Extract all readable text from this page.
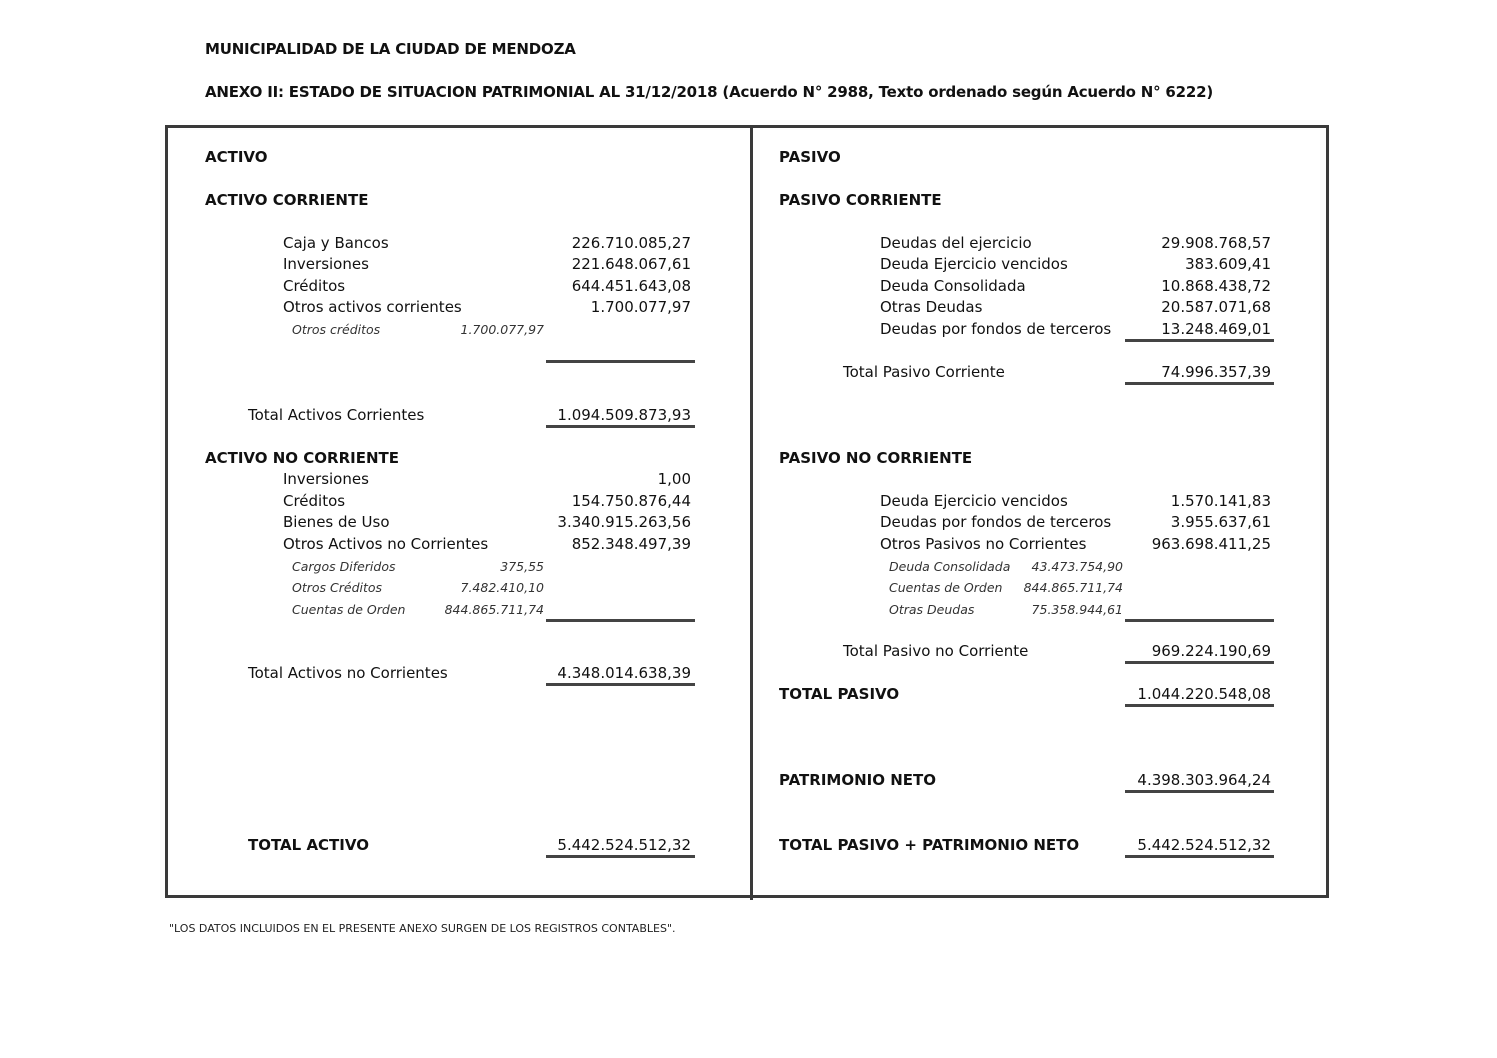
MUNICIPALIDAD DE LA CIUDAD DE MENDOZA
ANEXO II: ESTADO DE SITUACION PATRIMONIAL AL 31/12/2018 (Acuerdo N° 2988, Texto ordenado según Acuerdo N° 6222)
ACTIVO
ACTIVO CORRIENTE
Caja y Bancos	226.710.085,27
Inversiones	221.648.067,61
Créditos	644.451.643,08
Otros activos corrientes	1.700.077,97
Otros créditos	1.700.077,97
Total Activos Corrientes	1.094.509.873,93
ACTIVO NO CORRIENTE
Inversiones	1,00
Créditos	154.750.876,44
Bienes de Uso	3.340.915.263,56
Otros Activos no Corrientes	852.348.497,39
Cargos Diferidos	375,55
Otros Créditos	7.482.410,10
Cuentas de Orden	844.865.711,74
Total Activos no Corrientes	4.348.014.638,39
TOTAL ACTIVO	5.442.524.512,32
PASIVO
PASIVO CORRIENTE
Deudas del ejercicio	29.908.768,57
Deuda Ejercicio vencidos	383.609,41
Deuda Consolidada	10.868.438,72
Otras Deudas	20.587.071,68
Deudas por fondos de terceros	13.248.469,01
Total Pasivo Corriente	74.996.357,39
PASIVO NO CORRIENTE
Deuda Ejercicio vencidos	1.570.141,83
Deudas por fondos de terceros	3.955.637,61
Otros Pasivos no Corrientes	963.698.411,25
Deuda Consolidada 43.473.754,90
Cuentas de Orden 844.865.711,74
Otras Deudas	75.358.944,61
Total Pasivo no Corriente	969.224.190,69
TOTAL PASIVO	1.044.220.548,08
PATRIMONIO NETO	4.398.303.964,24
TOTAL PASIVO + PATRIMONIO NETO	5.442.524.512,32
"LOS DATOS INCLUIDOS EN EL PRESENTE ANEXO SURGEN DE LOS REGISTROS CONTABLES".
